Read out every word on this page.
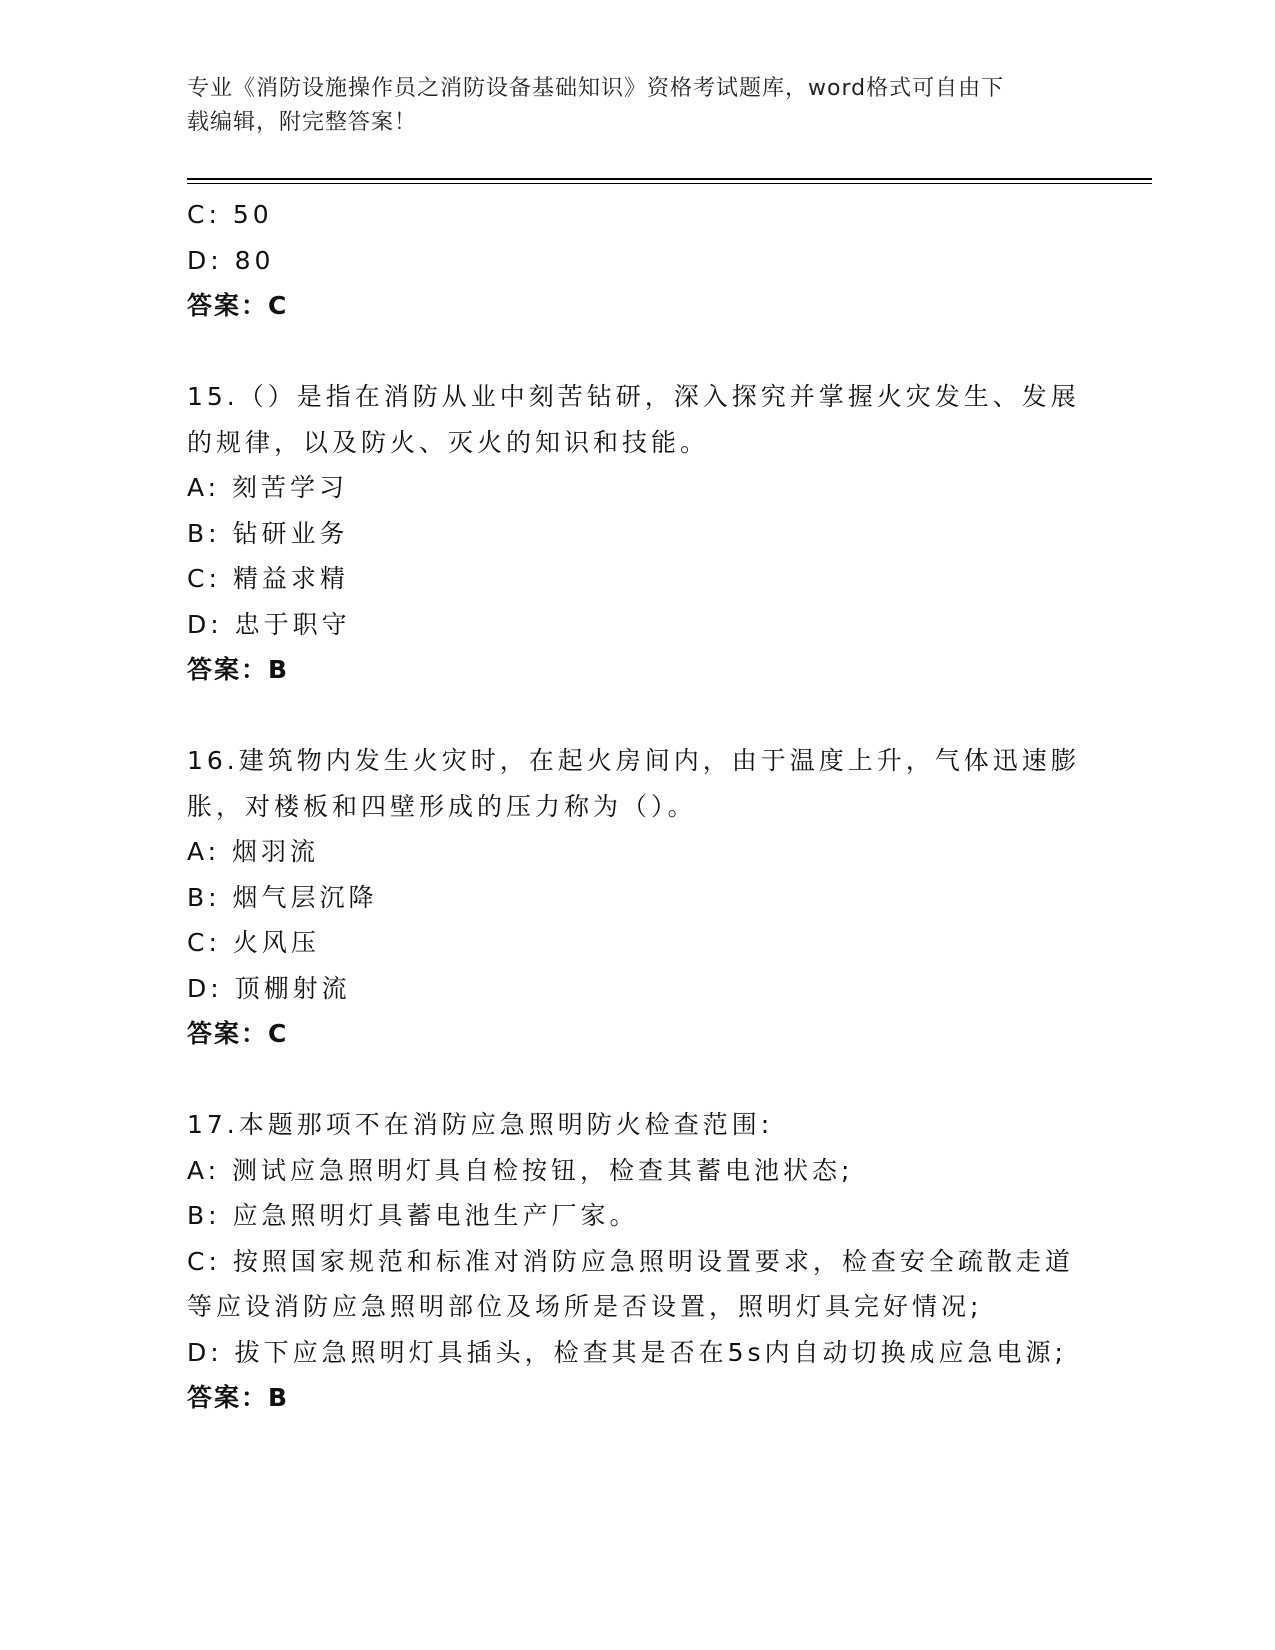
专业《消防设施操作员之消防设备基础知识》资格考试题库，word格式可自由下
载编辑，附完整答案！
C: 50
D: 80
答案：C
15.（）是指在消防从业中刻苦钻研，深入探究并掌握火灾发生、发展
的规律，以及防火、灭火的知识和技能。
A: 刻苦学习
B: 钻研业务
C: 精益求精
D: 忠于职守
答案：B
16.建筑物内发生火灾时，在起火房间内，由于温度上升，气体迅速膨
胀，对楼板和四壁形成的压力称为（）。
A: 烟羽流
B: 烟气层沉降
C: 火风压
D: 顶棚射流
答案：C
17.本题那项不在消防应急照明防火检查范围:
A: 测试应急照明灯具自检按钮，检查其蓄电池状态;
B: 应急照明灯具蓄电池生产厂家。
C: 按照国家规范和标准对消防应急照明设置要求，检查安全疏散走道
等应设消防应急照明部位及场所是否设置，照明灯具完好情况;
D: 拔下应急照明灯具插头，检查其是否在5s内自动切换成应急电源;
答案：B
